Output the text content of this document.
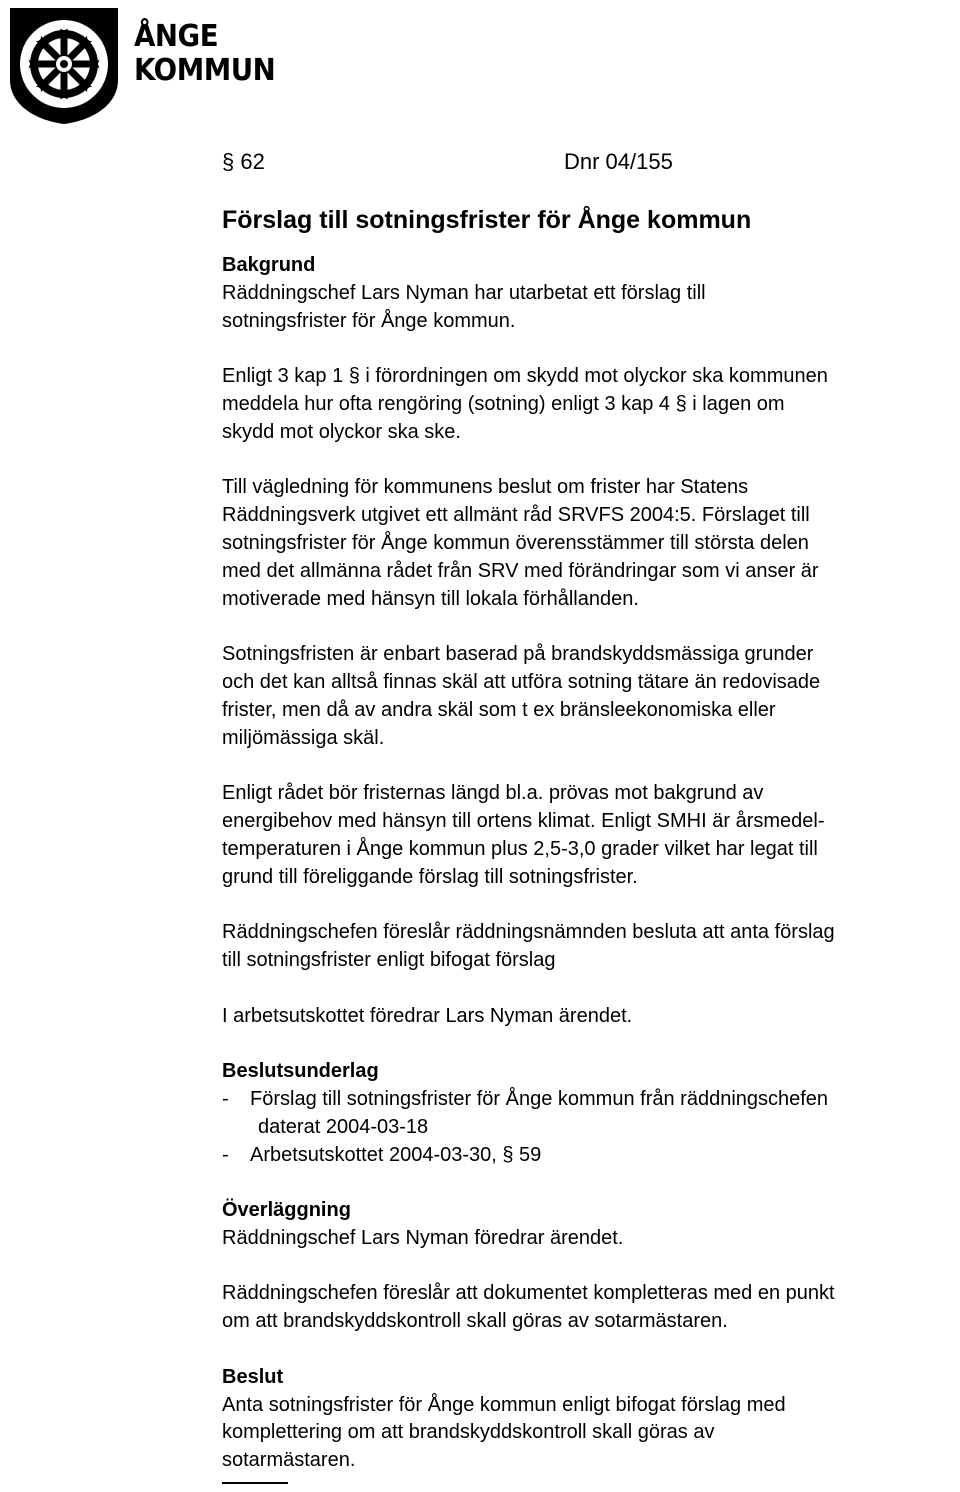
ÅNGE
KOMMUN
§ 62	Dnr 04/155
Förslag till sotningsfrister för Ånge kommun

Bakgrund

Räddningschef Lars Nyman har utarbetat ett förslag till
sotningsfrister för Ånge kommun.

Enligt 3 kap 1 § i förordningen om skydd mot olyckor ska kommunen
meddela hur ofta rengöring (sotning) enligt 3 kap 4 § i lagen om
skydd mot olyckor ska ske.

Till vägledning för kommunens beslut om frister har Statens
Räddningsverk utgivet ett allmänt råd SRVFS 2004:5. Förslaget till
sotningsfrister för Ånge kommun överensstämmer till största delen
med det allmänna rådet från SRV med förändringar som vi anser är
motiverade med hänsyn till lokala förhållanden.

Sotningsfristen är enbart baserad på brandskyddsmässiga grunder
och det kan alltså finnas skäl att utföra sotning tätare än redovisade
frister, men då av andra skäl som t ex bränsleekonomiska eller
miljömässiga skäl.

Enligt rådet bör fristernas längd bl.a. prövas mot bakgrund av
energibehov med hänsyn till ortens klimat. Enligt SMHI är årsmedel-
temperaturen i Ånge kommun plus 2,5-3,0 grader vilket har legat till
grund till föreliggande förslag till sotningsfrister.

Räddningschefen föreslår räddningsnämnden besluta att anta förslag
till sotningsfrister enligt bifogat förslag

I arbetsutskottet föredrar Lars Nyman ärendet.

Beslutsunderlag

-	Förslag till sotningsfrister för Ånge kommun från räddningschefen
daterat 2004-03-18
-	Arbetsutskottet 2004-03-30, § 59

Överläggning

Räddningschef Lars Nyman föredrar ärendet.

Räddningschefen föreslår att dokumentet kompletteras med en punkt
om att brandskyddskontroll skall göras av sotarmästaren.

Beslut

Anta sotningsfrister för Ånge kommun enligt bifogat förslag med
komplettering om att brandskyddskontroll skall göras av
sotarmästaren.
